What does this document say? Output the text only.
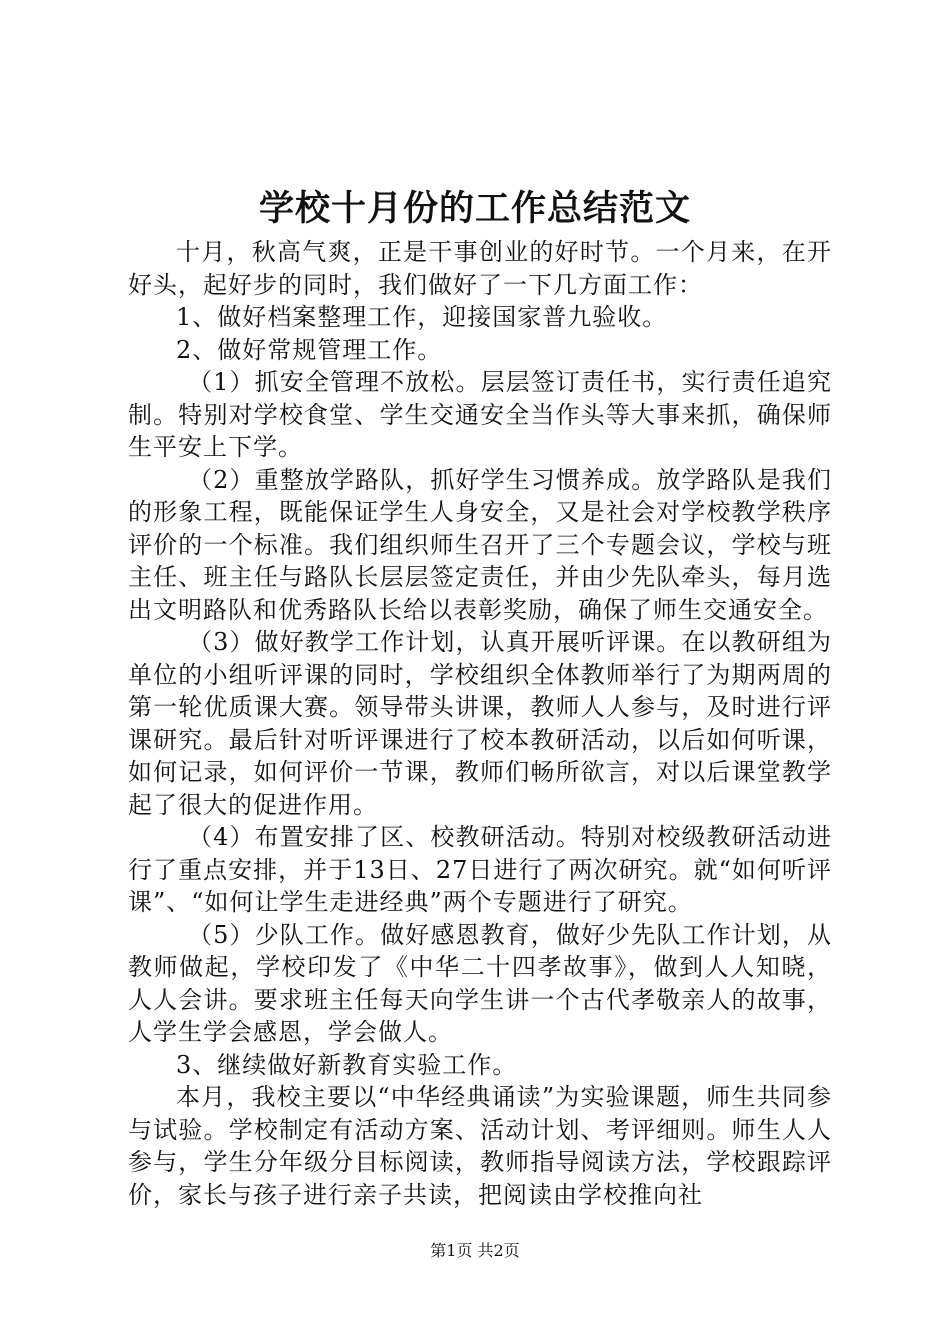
学校十月份的工作总结范文

十月，秋高气爽，正是干事创业的好时节。一个月来，在开好头，起好步的同时，我们做好了一下几方面工作：

1、做好档案整理工作，迎接国家普九验收。

2、做好常规管理工作。

（1）抓安全管理不放松。层层签订责任书，实行责任追究制。特别对学校食堂、学生交通安全当作头等大事来抓，确保师生平安上下学。

（2）重整放学路队，抓好学生习惯养成。放学路队是我们的形象工程，既能保证学生人身安全，又是社会对学校教学秩序评价的一个标准。我们组织师生召开了三个专题会议，学校与班主任、班主任与路队长层层签定责任，并由少先队牵头，每月选出文明路队和优秀路队长给以表彰奖励，确保了师生交通安全。

（3）做好教学工作计划，认真开展听评课。在以教研组为单位的小组听评课的同时，学校组织全体教师举行了为期两周的第一轮优质课大赛。领导带头讲课，教师人人参与，及时进行评课研究。最后针对听评课进行了校本教研活动，以后如何听课，如何记录，如何评价一节课，教师们畅所欲言，对以后课堂教学起了很大的促进作用。

（4）布置安排了区、校教研活动。特别对校级教研活动进行了重点安排，并于13日、27日进行了两次研究。就“如何听评课”、“如何让学生走进经典”两个专题进行了研究。

（5）少队工作。做好感恩教育，做好少先队工作计划，从教师做起，学校印发了《中华二十四孝故事》，做到人人知晓，人人会讲。要求班主任每天向学生讲一个古代孝敬亲人的故事，人学生学会感恩，学会做人。

3、继续做好新教育实验工作。

本月，我校主要以“中华经典诵读”为实验课题，师生共同参与试验。学校制定有活动方案、活动计划、考评细则。师生人人参与，学生分年级分目标阅读，教师指导阅读方法，学校跟踪评价，家长与孩子进行亲子共读，把阅读由学校推向社

第1页 共2页
